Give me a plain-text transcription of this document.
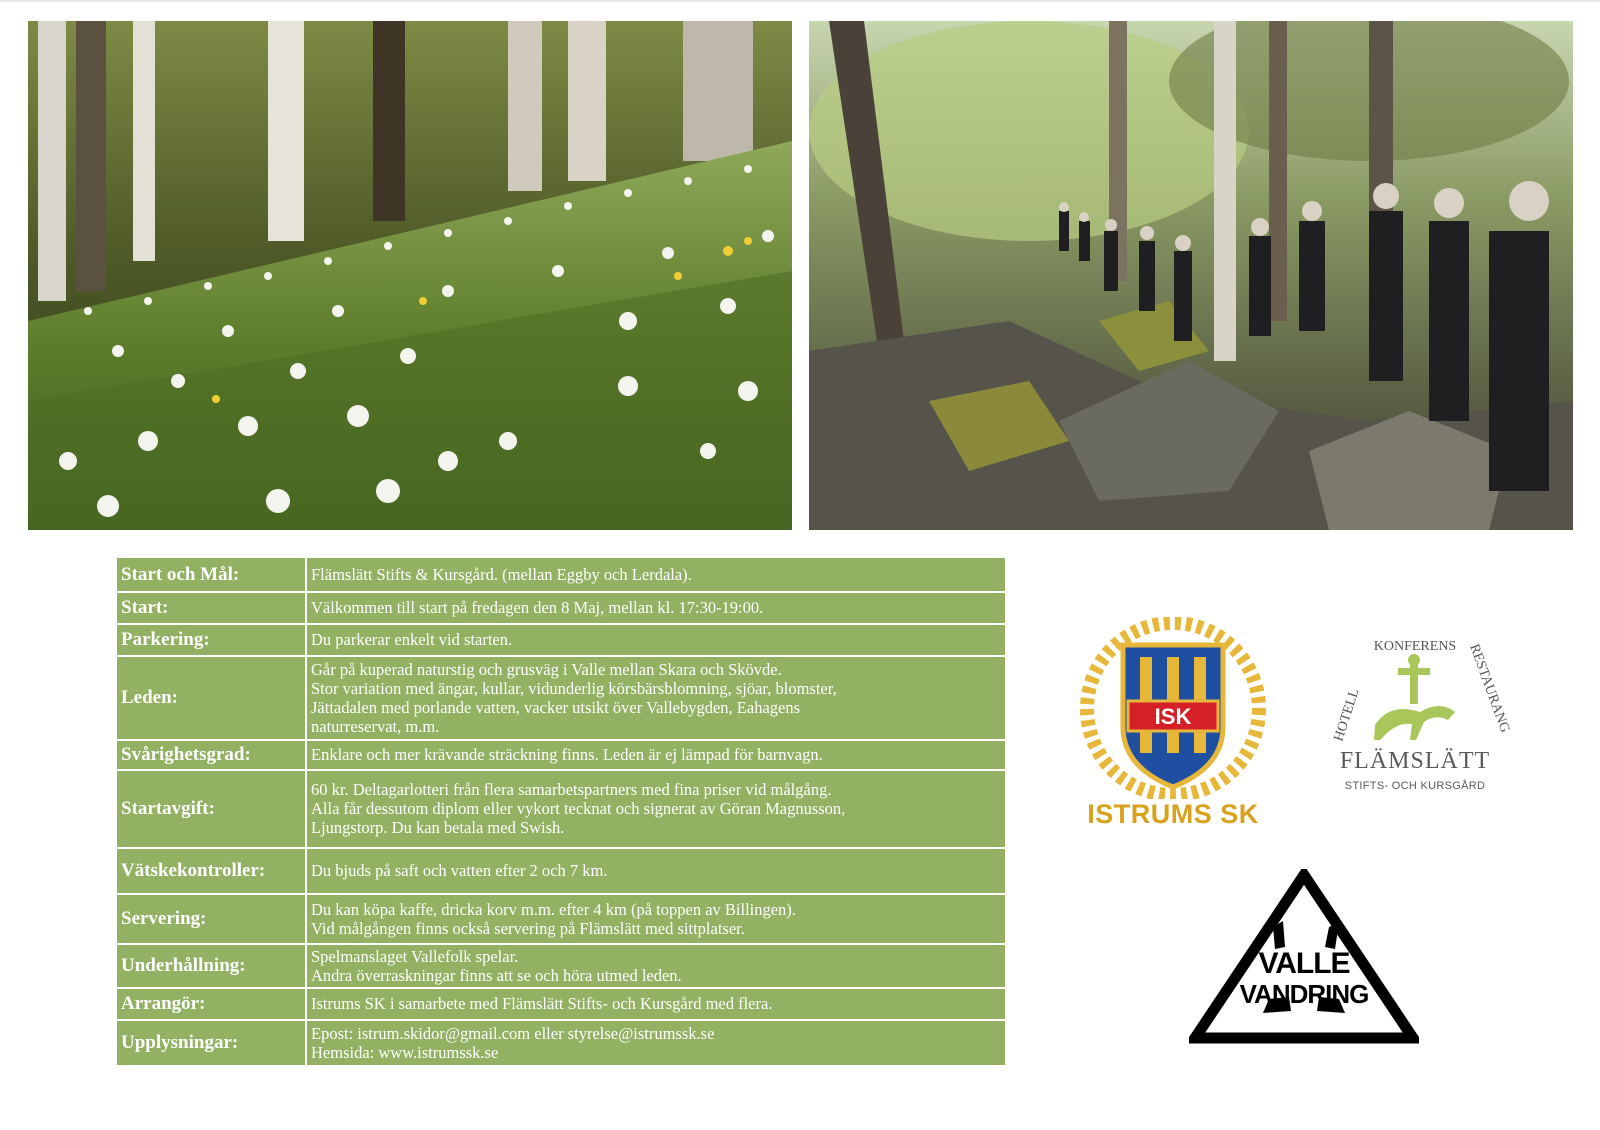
Start och Mål:	Flämslätt Stifts & Kursgård. (mellan Eggby och Lerdala).

Start:	Välkommen till start på fredagen den 8 Maj, mellan kl. 17:30-19:00.

Parkering:	Du parkerar enkelt vid starten.

Leden:	Går på kuperad naturstig och grusväg i Valle mellan Skara och Skövde.
Stor variation med ängar, kullar, vidunderlig körsbärsblomning, sjöar, blomster,
Jättadalen med porlande vatten, vacker utsikt över Vallebygden, Eahagens
naturreservat, m.m.

Svårighetsgrad:	Enklare och mer krävande sträckning finns. Leden är ej lämpad för barnvagn.

Startavgift:	60 kr. Deltagarlotteri från flera samarbetspartners med fina priser vid målgång.
Alla får dessutom diplom eller vykort tecknat och signerat av Göran Magnusson,
Ljungstorp. Du kan betala med Swish.

Vätskekontroller:	Du bjuds på saft och vatten efter 2 och 7 km.

Servering:	Du kan köpa kaffe, dricka korv m.m. efter 4 km (på toppen av Billingen).
Vid målgången finns också servering på Flämslätt med sittplatser.

Underhållning:	Spelmanslaget Vallefolk spelar.
Andra överraskningar finns att se och höra utmed leden.

Arrangör:	Istrums SK i samarbete med Flämslätt Stifts- och Kursgård med flera.

Upplysningar:	Epost: istrum.skidor@gmail.com eller styrelse@istrumssk.se
Hemsida: www.istrumssk.se
ISK
ISTRUMS SK
KONFERENS
HOTELL	RESTAURANG
FLÄMSLÄTT
STIFTS- OCH KURSGÅRD
VALLE
VANDRING
